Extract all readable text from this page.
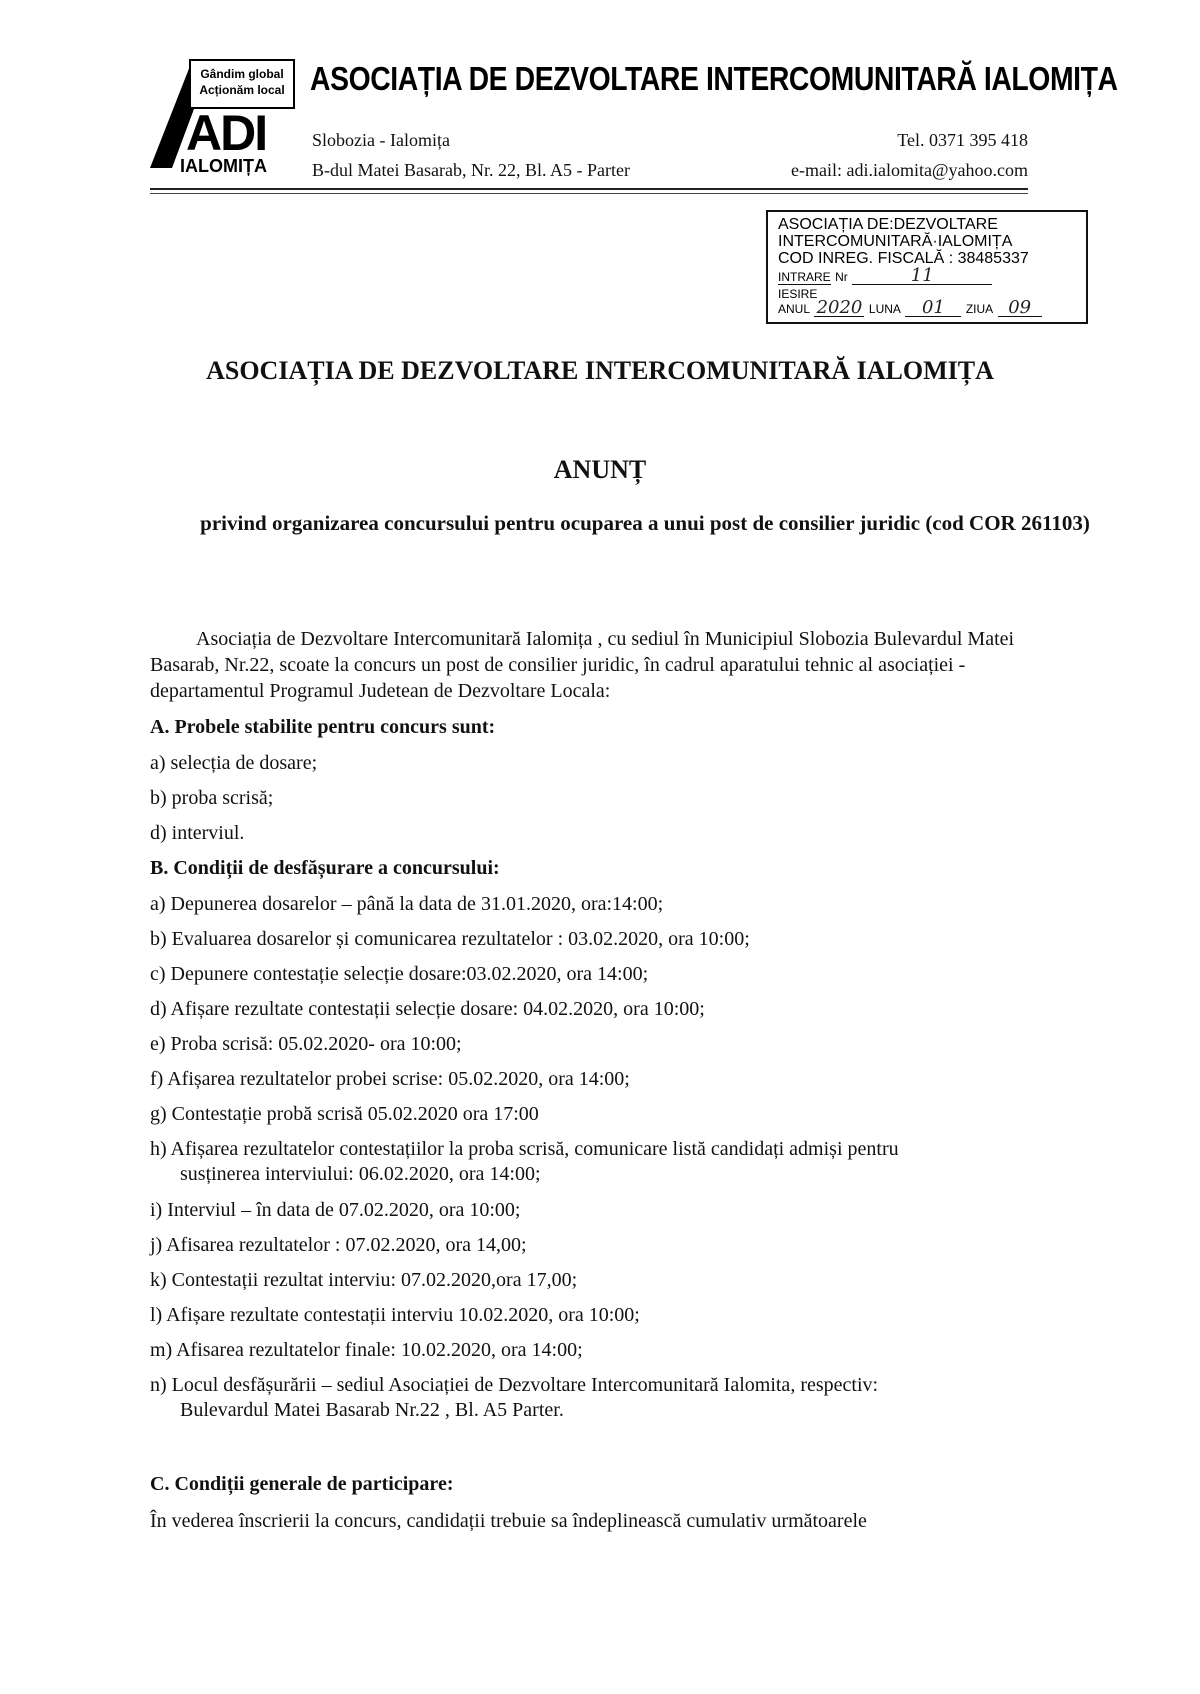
Gândim global
Acționăm local
ADI
IALOMIȚA
ASOCIAȚIA DE DEZVOLTARE INTERCOMUNITARĂ IALOMIȚA
Slobozia - Ialomița
B-dul Matei Basarab, Nr. 22, Bl. A5 - Parter
Tel. 0371 395 418
e-mail: adi.ialomita@yahoo.com
ASOCIAȚIA DE:DEZVOLTARE
INTERCOMUNITARĂ·IALOMIȚA
COD INREG. FISCALĂ : 38485337
INTRARE Nr	11
IESIRE
ANUL 2020 LUNA 01 ZIUA 09
ASOCIAȚIA DE DEZVOLTARE INTERCOMUNITARĂ IALOMIȚA
ANUNȚ
privind organizarea concursului pentru ocuparea a unui post de consilier juridic (cod COR 261103)
Asociația de Dezvoltare Intercomunitară Ialomița , cu sediul în Municipiul Slobozia Bulevardul Matei Basarab, Nr.22, scoate la concurs un post de consilier juridic, în cadrul aparatului tehnic al asociației - departamentul Programul Judetean de Dezvoltare Locala:
A. Probele stabilite pentru concurs sunt:
a) selecția de dosare;
b) proba scrisă;
d) interviul.
B. Condiții de desfășurare a concursului:
a) Depunerea dosarelor – până la data de 31.01.2020, ora:14:00;
b) Evaluarea dosarelor și comunicarea rezultatelor : 03.02.2020, ora 10:00;
c) Depunere contestație selecție dosare:03.02.2020, ora 14:00;
d) Afișare rezultate contestații selecție dosare: 04.02.2020, ora 10:00;
e) Proba scrisă: 05.02.2020- ora 10:00;
f) Afișarea rezultatelor probei scrise: 05.02.2020, ora 14:00;
g) Contestație probă scrisă 05.02.2020 ora 17:00
h) Afișarea rezultatelor contestațiilor la proba scrisă, comunicare listă candidați admiși pentru
susținerea interviului: 06.02.2020, ora 14:00;
i) Interviul – în data de 07.02.2020, ora 10:00;
j) Afisarea rezultatelor : 07.02.2020, ora 14,00;
k) Contestații rezultat interviu: 07.02.2020,ora 17,00;
l) Afișare rezultate contestații interviu 10.02.2020, ora 10:00;
m) Afisarea rezultatelor finale: 10.02.2020, ora 14:00;
n) Locul desfășurării – sediul Asociației de Dezvoltare Intercomunitară Ialomita, respectiv:
Bulevardul Matei Basarab Nr.22 , Bl. A5 Parter.
C. Condiții generale de participare:
În vederea înscrierii la concurs, candidații trebuie sa îndeplinească cumulativ următoarele
